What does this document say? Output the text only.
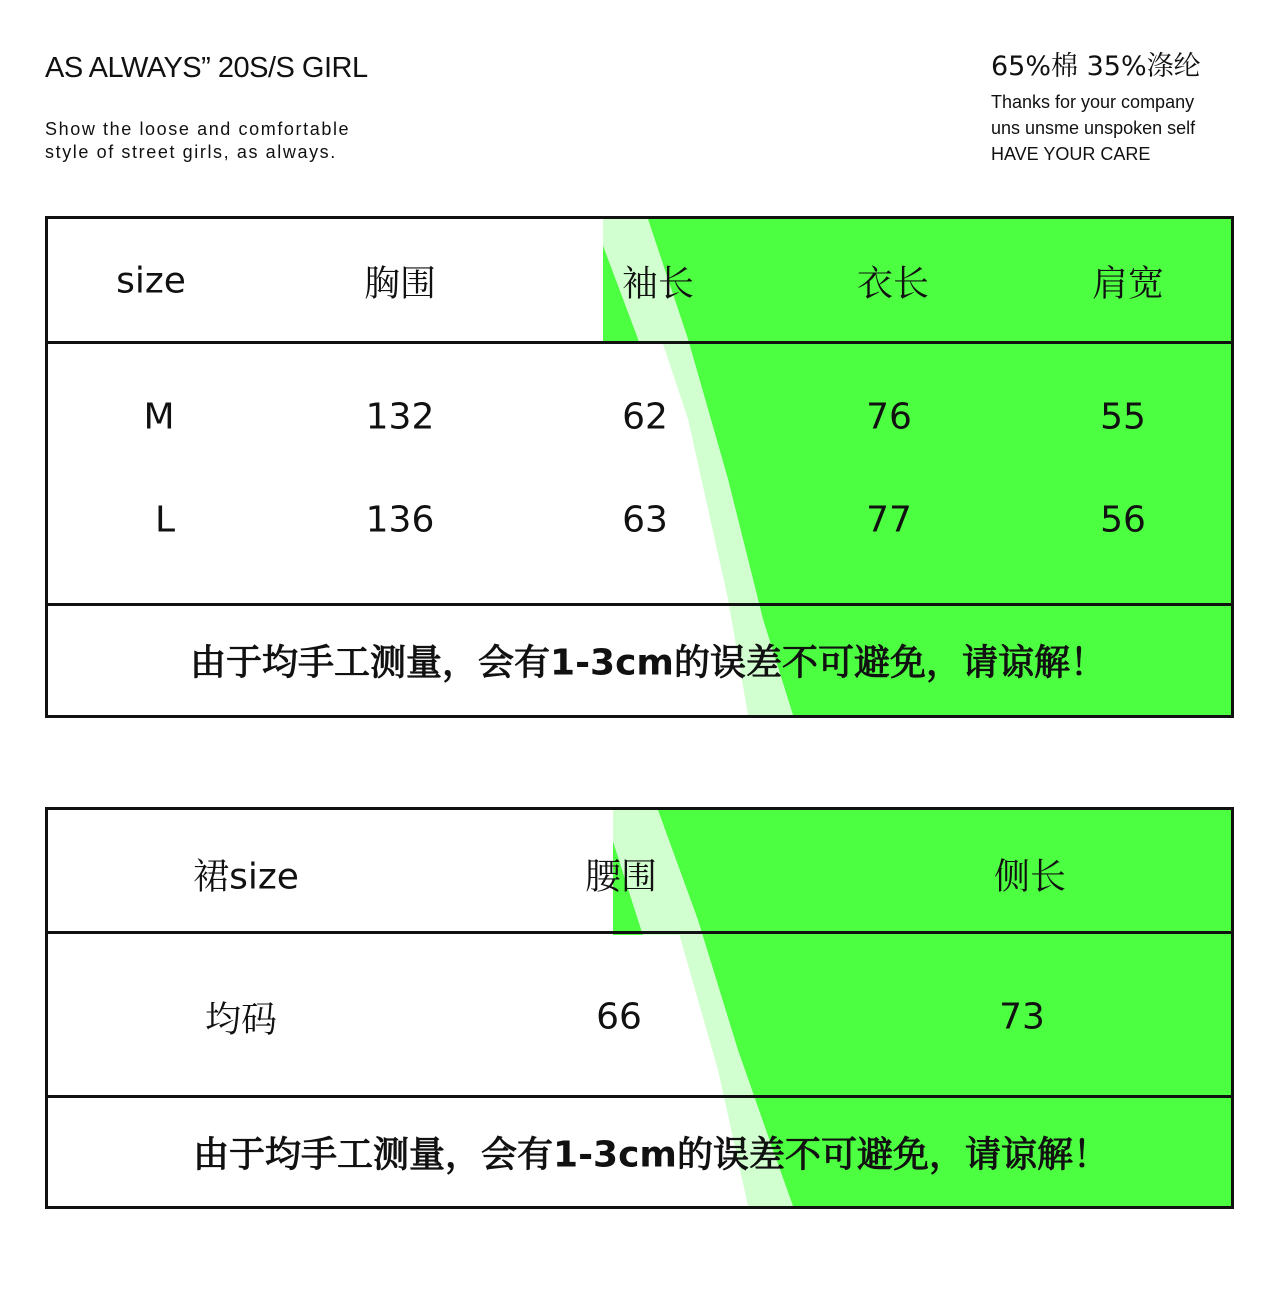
AS ALWAYS” 20S/S GIRL
Show the loose and comfortable
style of street girls, as always.
65%棉 35%涤纶
Thanks for your company
uns unsme unspoken self
HAVE YOUR CARE
size	胸围	袖长	衣长	肩宽
M	132	62	76	55
L	136	63	77	56
由于均手工测量，会有1-3cm的误差不可避免，请谅解！
裙size	腰围	侧长
均码	66	73
由于均手工测量，会有1-3cm的误差不可避免，请谅解！
